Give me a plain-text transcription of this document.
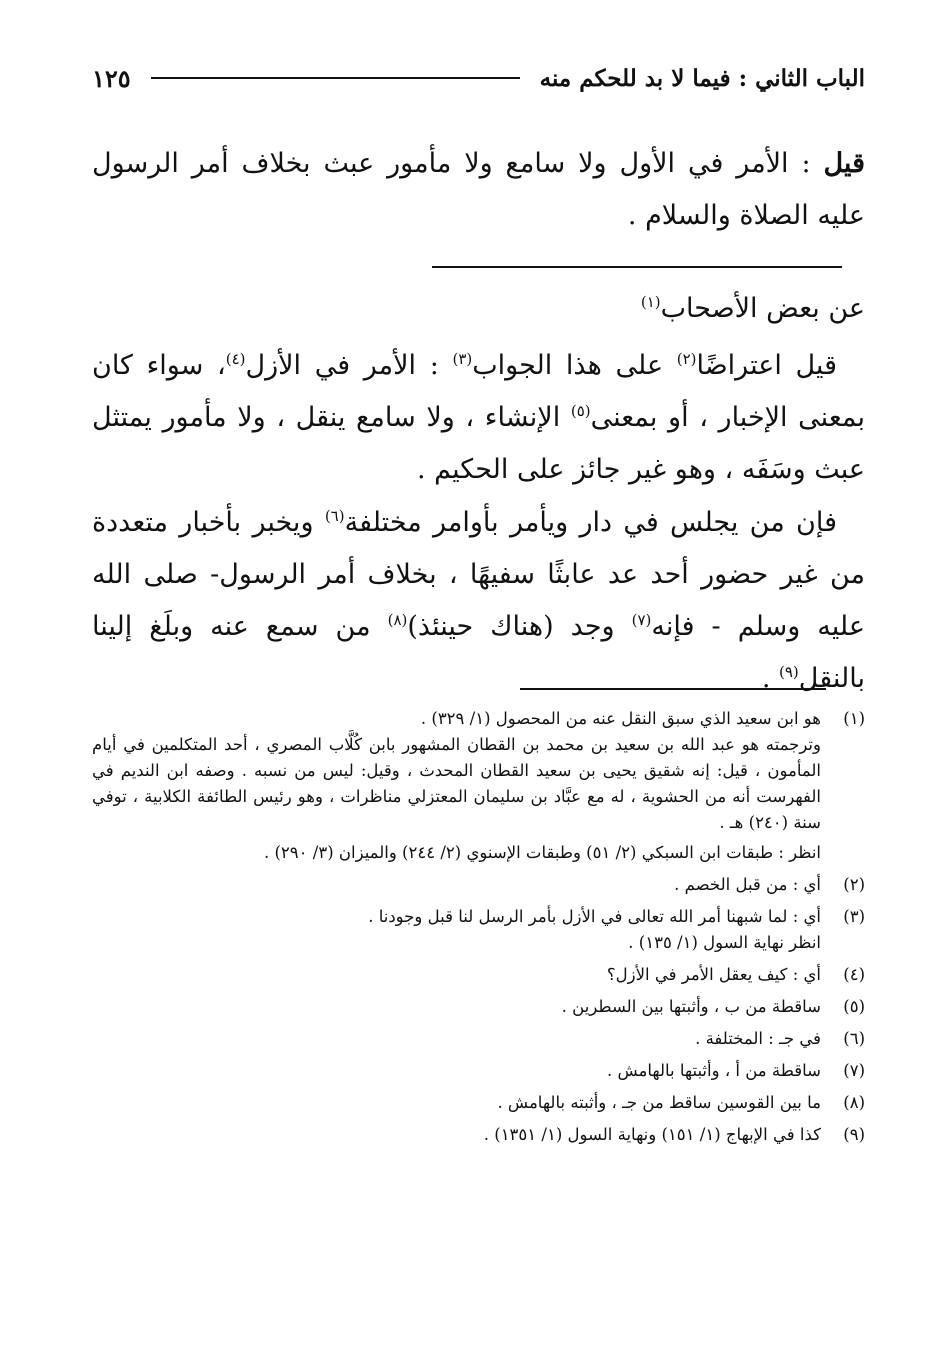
الباب الثاني : فيما لا بد للحكم منه
١٢٥

قيل : الأمر في الأول ولا سامع ولا مأمور عبث بخلاف أمر الرسول عليه الصلاة والسلام .

عن بعض الأصحاب$^{(١)}$

قيل اعتراضًا$^{(٢)}$ على هذا الجواب$^{(٣)}$ : الأمر في الأزل$^{(٤)}$، سواء كان بمعنى الإخبار ، أو بمعنى$^{(٥)}$ الإنشاء ، ولا سامع ينقل ، ولا مأمور يمتثل عبث وسَفَه ، وهو غير جائز على الحكيم .

فإن من يجلس في دار ويأمر بأوامر مختلفة$^{(٦)}$ ويخبر بأخبار متعددة من غير حضور أحد عد عابثًا سفيهًا ، بخلاف أمر الرسول- صلى الله عليه وسلم - فإنه$^{(٧)}$ وجد (هناك حينئذ)$^{(٨)}$ من سمع عنه وبلَغ إلينا بالنقل$^{(٩)}$ .

(١)
هو ابن سعيد الذي سبق النقل عنه من المحصول (١/ ٣٢٩) .

وترجمته هو عبد الله بن سعيد بن محمد بن القطان المشهور بابن كُلَّاب المصري ، أحد المتكلمين في أيام المأمون ، قيل: إنه شقيق يحيى بن سعيد القطان المحدث ، وقيل: ليس من نسبه . وصفه ابن النديم في الفهرست أنه من الحشوية ، له مع عبَّاد بن سليمان المعتزلي مناظرات ، وهو رئيس الطائفة الكلابية ، توفي سنة (٢٤٠) هـ .

انظر : طبقات ابن السبكي (٢/ ٥١) وطبقات الإسنوي (٢/ ٢٤٤) والميزان (٣/ ٢٩٠) .

(٢)
أي : من قبل الخصم .
(٣)
أي : لما شبهنا أمر الله تعالى في الأزل بأمر الرسل لنا قبل وجودنا .

انظر نهاية السول (١/ ١٣٥) .

(٤)
أي : كيف يعقل الأمر في الأزل؟
(٥)
ساقطة من ب ، وأثبتها بين السطرين .
(٦)
في جـ : المختلفة .
(٧)
ساقطة من أ ، وأثبتها بالهامش .
(٨)
ما بين القوسين ساقط من جـ ، وأثبته بالهامش .
(٩)
كذا في الإبهاج (١/ ١٥١) ونهاية السول (١/ ١٣٥١) .
